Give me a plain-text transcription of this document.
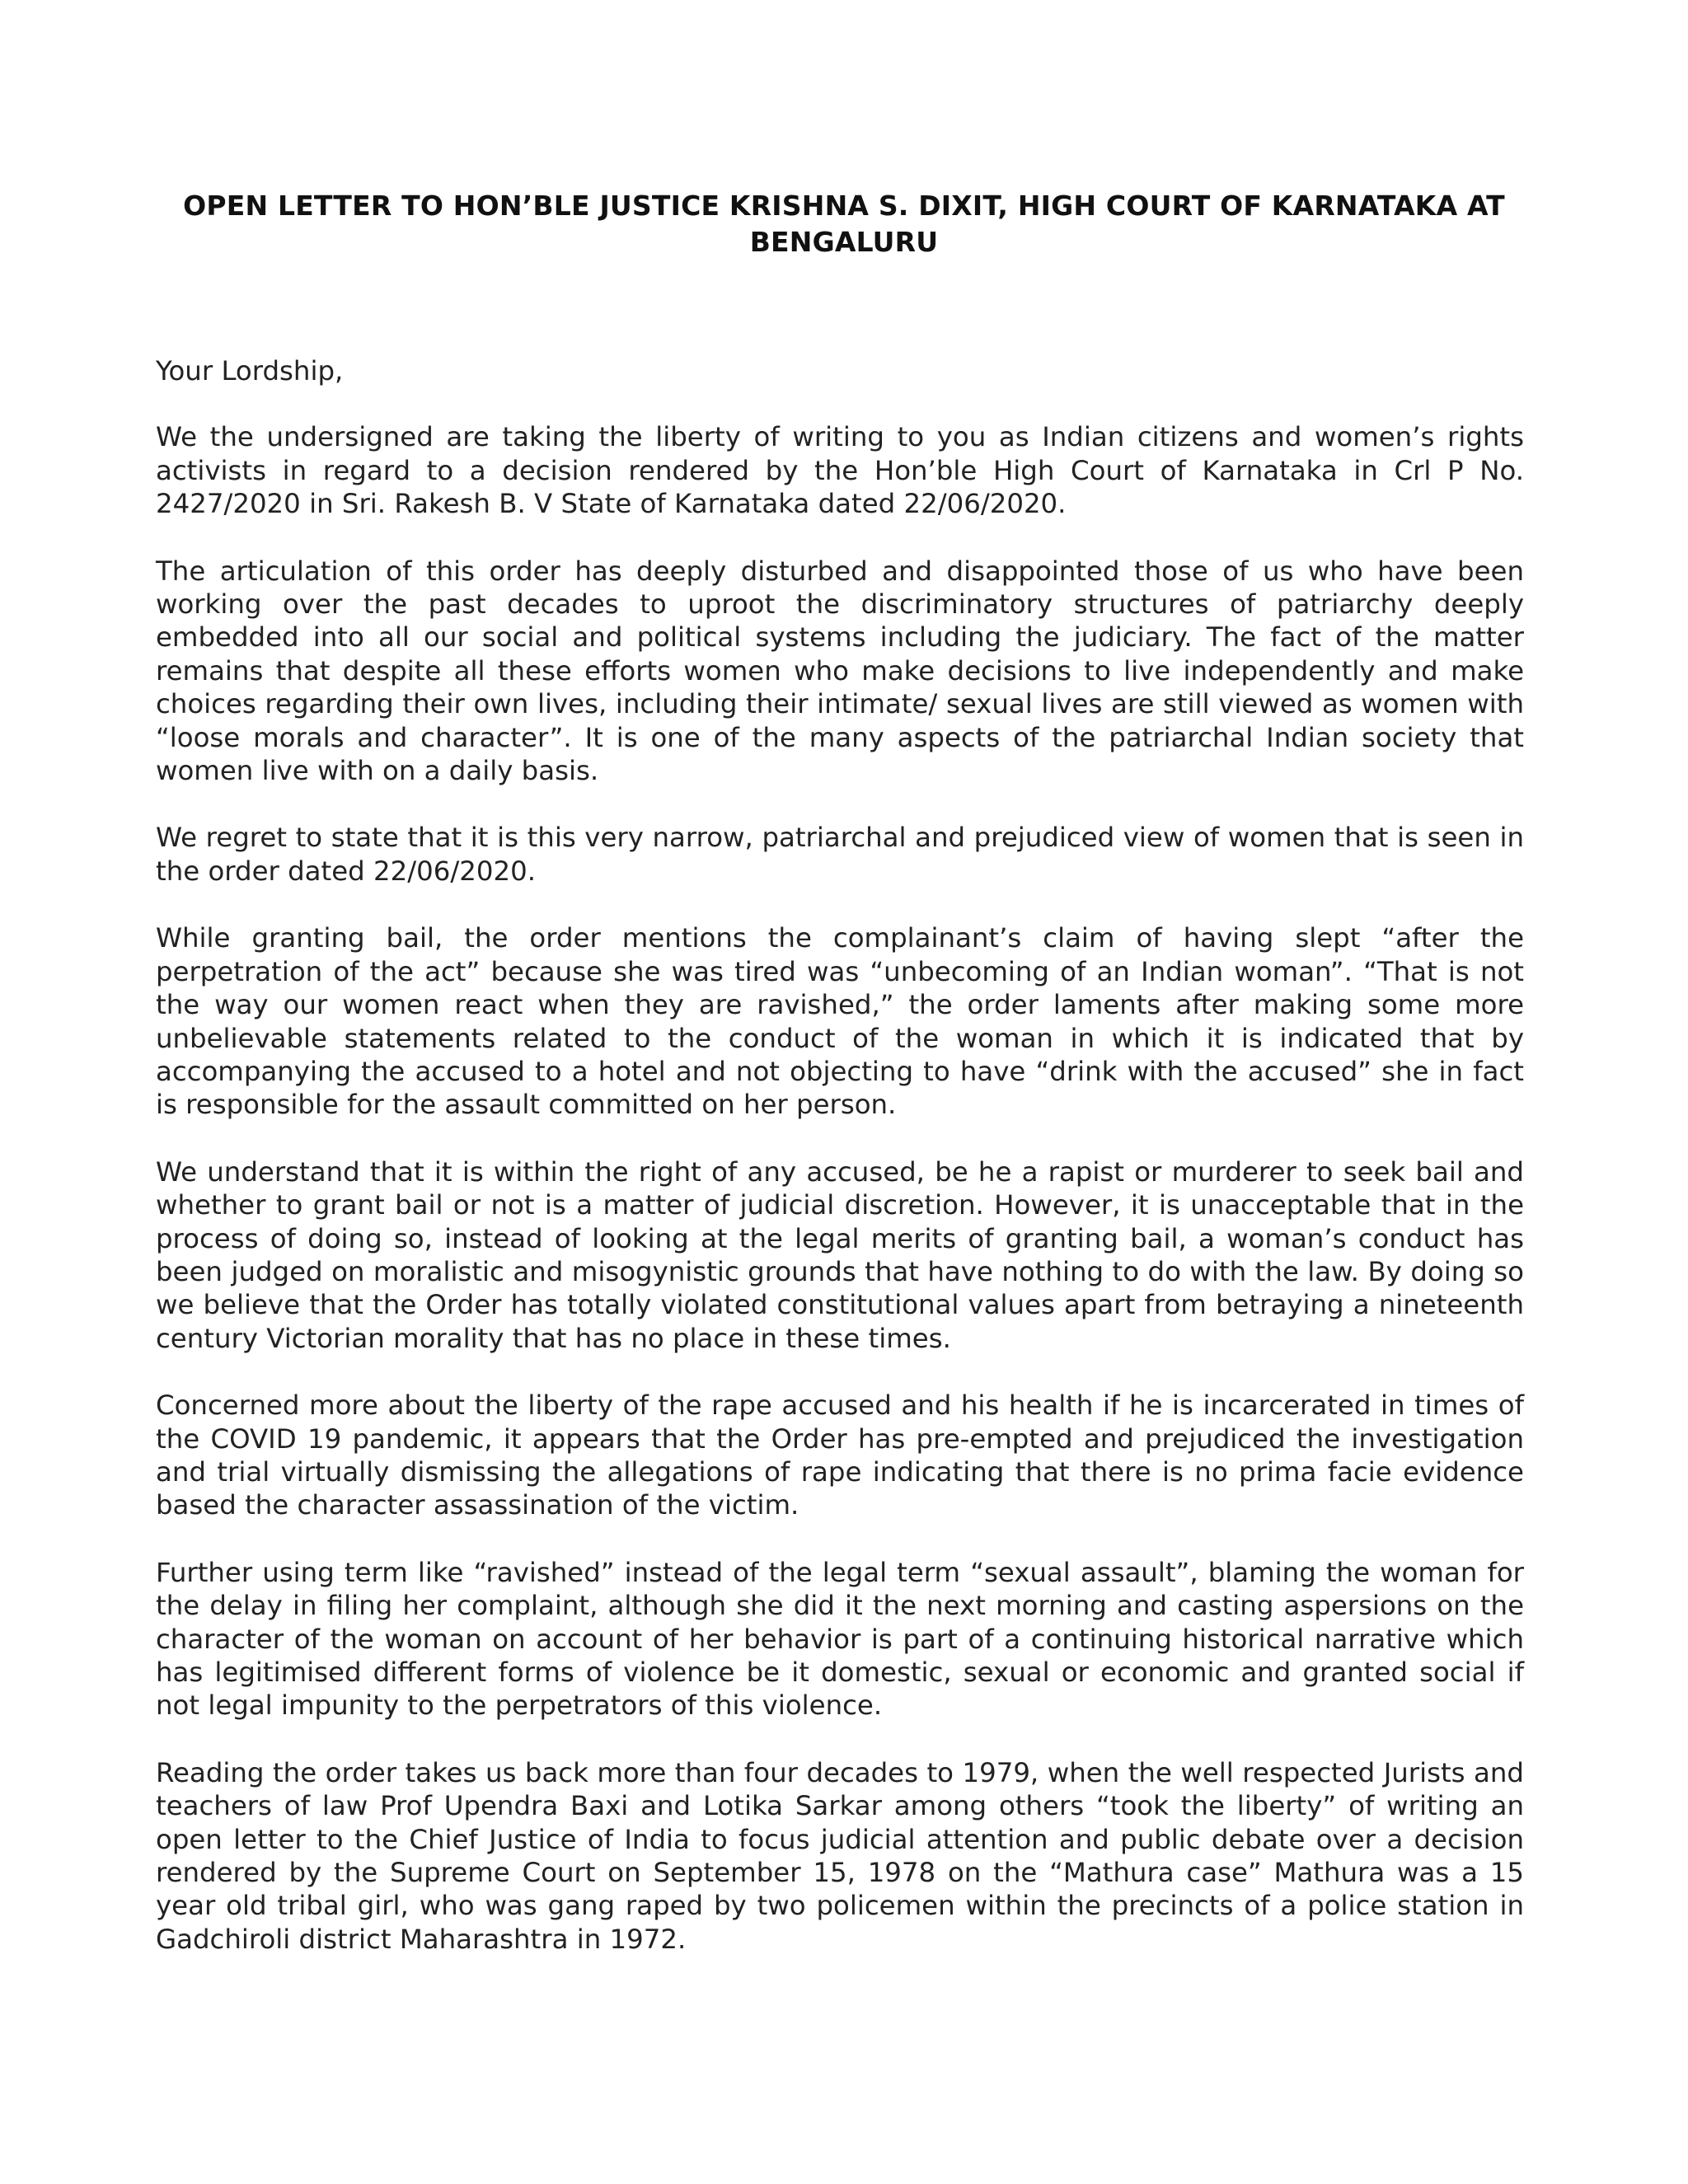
OPEN LETTER TO HON’BLE JUSTICE KRISHNA S. DIXIT, HIGH COURT OF KARNATAKA AT BENGALURU

Your Lordship,

We the undersigned are taking the liberty of writing to you as Indian citizens and women’s rights activists in regard to a decision rendered by the Hon’ble High Court of Karnataka in Crl P No. 2427/2020 in Sri. Rakesh B. V State of Karnataka dated 22/06/2020.

The articulation of this order has deeply disturbed and disappointed those of us who have been working over the past decades to uproot the discriminatory structures of patriarchy deeply embedded into all our social and political systems including the judiciary. The fact of the matter remains that despite all these efforts women who make decisions to live independently and make choices regarding their own lives, including their intimate/ sexual lives are still viewed as women with “loose morals and character”. It is one of the many aspects of the patriarchal Indian society that women live with on a daily basis.

We regret to state that it is this very narrow, patriarchal and prejudiced view of women that is seen in the order dated 22/06/2020.

While granting bail, the order mentions the complainant’s claim of having slept “after the perpetration of the act” because she was tired was “unbecoming of an Indian woman”. “That is not the way our women react when they are ravished,” the order laments after making some more unbelievable statements related to the conduct of the woman in which it is indicated that by accompanying the accused to a hotel and not objecting to have “drink with the accused” she in fact is responsible for the assault committed on her person.

We understand that it is within the right of any accused, be he a rapist or murderer to seek bail and whether to grant bail or not is a matter of judicial discretion. However, it is unacceptable that in the process of doing so, instead of looking at the legal merits of granting bail, a woman’s conduct has been judged on moralistic and misogynistic grounds that have nothing to do with the law. By doing so we believe that the Order has totally violated constitutional values apart from betraying a nineteenth century Victorian morality that has no place in these times.

Concerned more about the liberty of the rape accused and his health if he is incarcerated in times of the COVID 19 pandemic, it appears that the Order has pre-empted and prejudiced the investigation and trial virtually dismissing the allegations of rape indicating that there is no prima facie evidence based the character assassination of the victim.

Further using term like “ravished” instead of the legal term “sexual assault”, blaming the woman for the delay in filing her complaint, although she did it the next morning and casting aspersions on the character of the woman on account of her behavior is part of a continuing historical narrative which has legitimised different forms of violence be it domestic, sexual or economic and granted social if not legal impunity to the perpetrators of this violence.

Reading the order takes us back more than four decades to 1979, when the well respected Jurists and teachers of law Prof Upendra Baxi and Lotika Sarkar among others “took the liberty” of writing an open letter to the Chief Justice of India to focus judicial attention and public debate over a decision rendered by the Supreme Court on September 15, 1978 on the “Mathura case” Mathura was a 15 year old tribal girl, who was gang raped by two policemen within the precincts of a police station in Gadchiroli district Maharashtra in 1972.
